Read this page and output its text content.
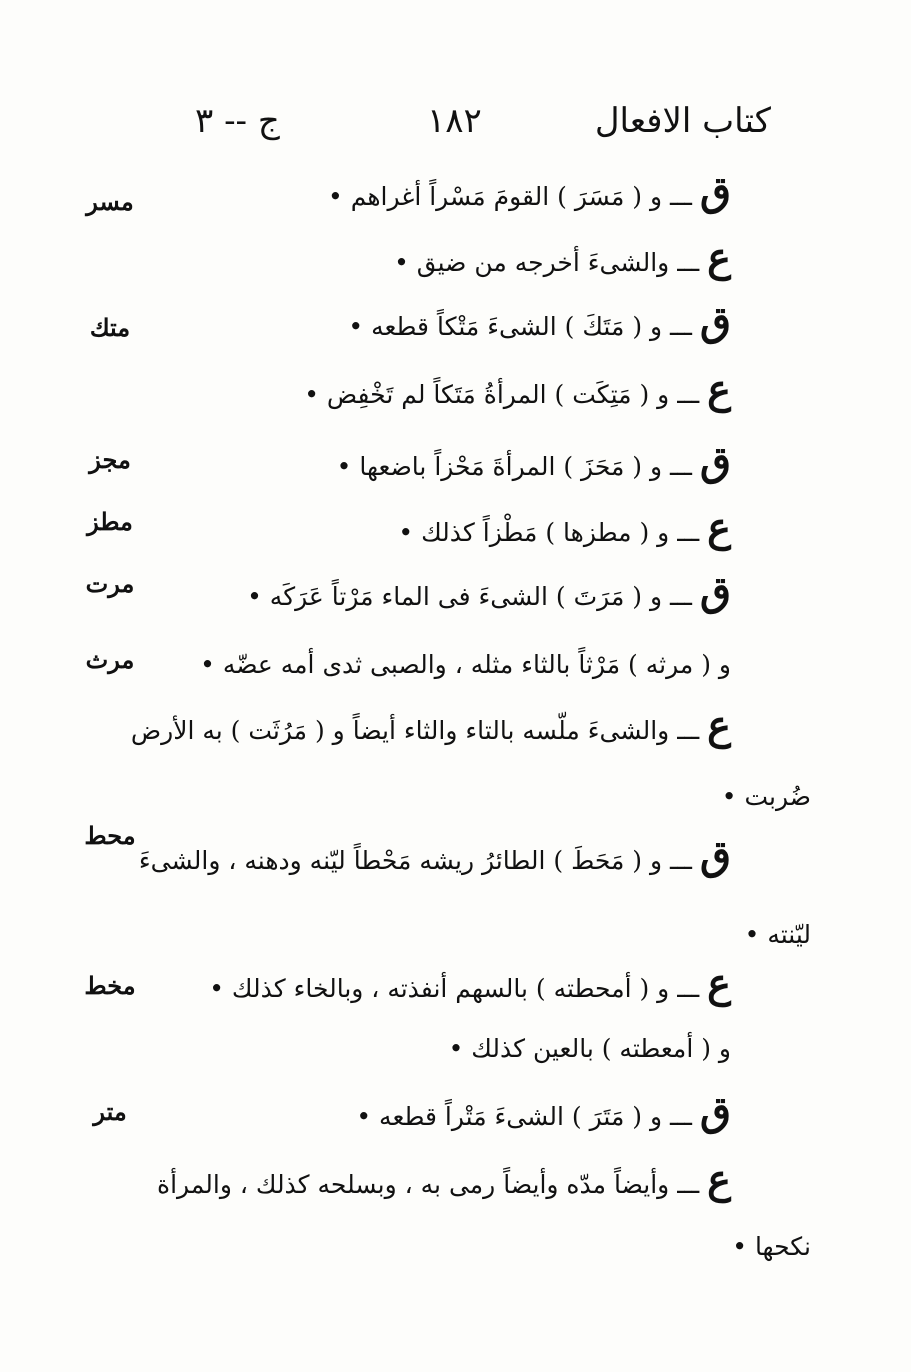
كتاب الافعال
١٨٢
ج -- ٣
ق ـــ و ( مَسَرَ ) القومَ مَسْراً أغراهم •
ع ـــ والشىءَ أخرجه من ضيق •
ق ـــ و ( مَتَكَ ) الشىءَ مَتْكاً قطعه •
ع ـــ و ( مَتِكَت ) المرأةُ مَتَكاً لم تَخْفِض •
ق ـــ و ( مَحَزَ ) المرأةَ مَحْزاً باضعها •
ع ـــ و ( مطزها ) مَطْزاً كذلك •
ق ـــ و ( مَرَتَ ) الشىءَ فى الماء مَرْتاً عَرَكَه •
و ( مرثه ) مَرْثاً بالثاء مثله ، والصبى ثدى أمه عضّه •
ع ـــ والشىءَ ملّسه بالتاء والثاء أيضاً و ( مَرُثَت ) به الأرض
ضُربت •
ق ـــ و ( مَحَطَ ) الطائرُ ريشه مَحْطاً ليّنه ودهنه ، والشىءَ
ليّنته •
ع ـــ و ( أمحطته ) بالسهم أنفذته ، وبالخاء كذلك •
و ( أمعطته ) بالعين كذلك •
ق ـــ و ( مَتَرَ ) الشىءَ مَتْراً قطعه •
ع ـــ وأيضاً مدّه وأيضاً رمى به ، وبسلحه كذلك ، والمرأة
نكحها •
مسر
متك
مجز
مطز
مرت
مرث
محط
مخط
متر
